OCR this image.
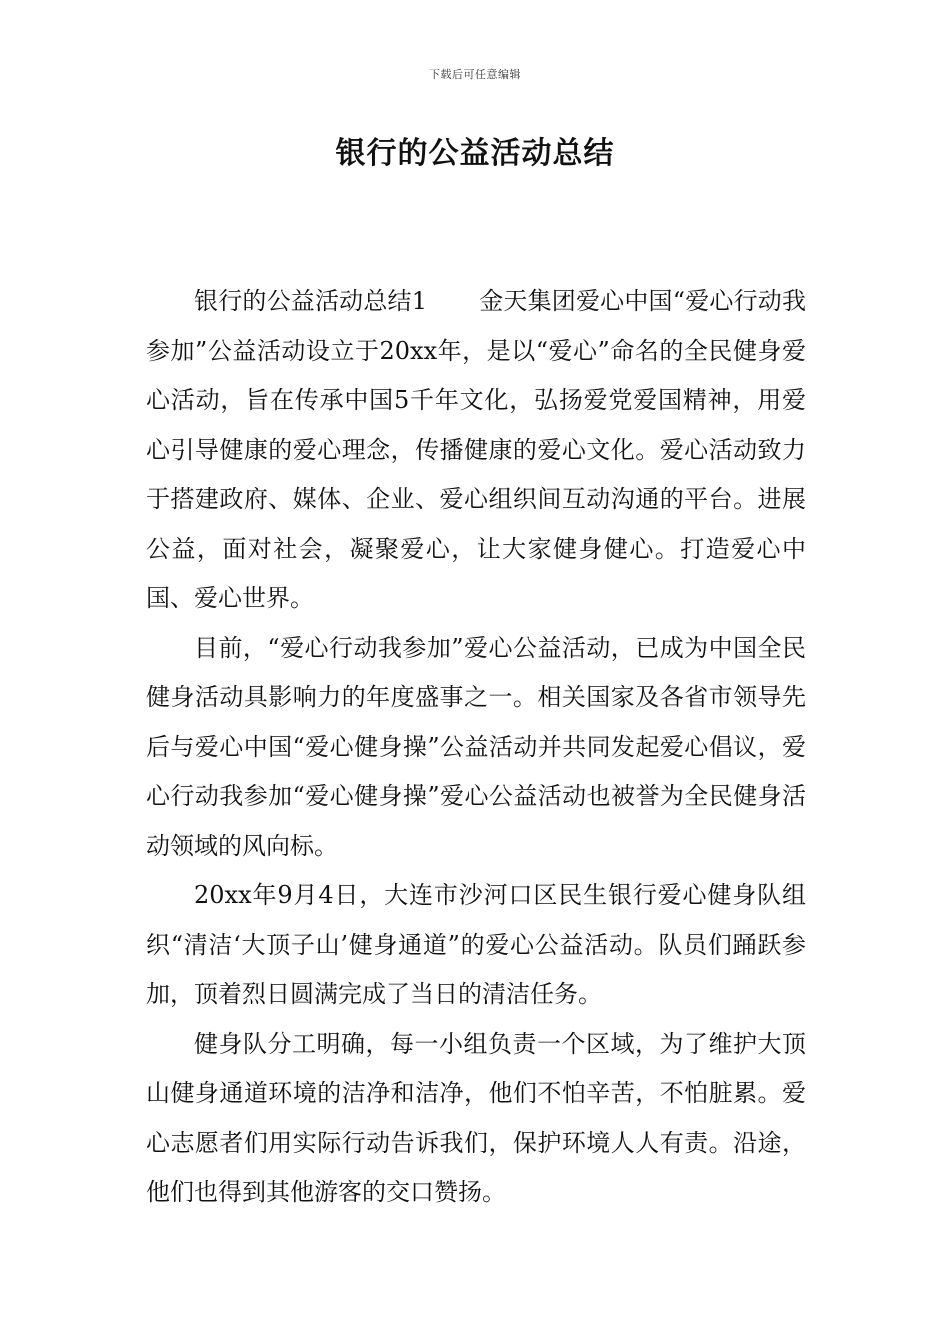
下载后可任意编辑
银行的公益活动总结

银行的公益活动总结1 金天集团爱心中国“爱心行动我参加”公益活动设立于20xx年，是以“爱心”命名的全民健身爱心活动，旨在传承中国5千年文化，弘扬爱党爱国精神，用爱心引导健康的爱心理念，传播健康的爱心文化。爱心活动致力于搭建政府、媒体、企业、爱心组织间互动沟通的平台。进展公益，面对社会，凝聚爱心，让大家健身健心。打造爱心中国、爱心世界。

目前，“爱心行动我参加”爱心公益活动，已成为中国全民健身活动具影响力的年度盛事之一。相关国家及各省市领导先后与爱心中国“爱心健身操”公益活动并共同发起爱心倡议，爱心行动我参加“爱心健身操”爱心公益活动也被誉为全民健身活动领域的风向标。

20xx年9月4日，大连市沙河口区民生银行爱心健身队组织“清洁‘大顶子山’健身通道”的爱心公益活动。队员们踊跃参加，顶着烈日圆满完成了当日的清洁任务。

健身队分工明确，每一小组负责一个区域，为了维护大顶山健身通道环境的洁净和洁净，他们不怕辛苦，不怕脏累。爱心志愿者们用实际行动告诉我们，保护环境人人有责。沿途，他们也得到其他游客的交口赞扬。
